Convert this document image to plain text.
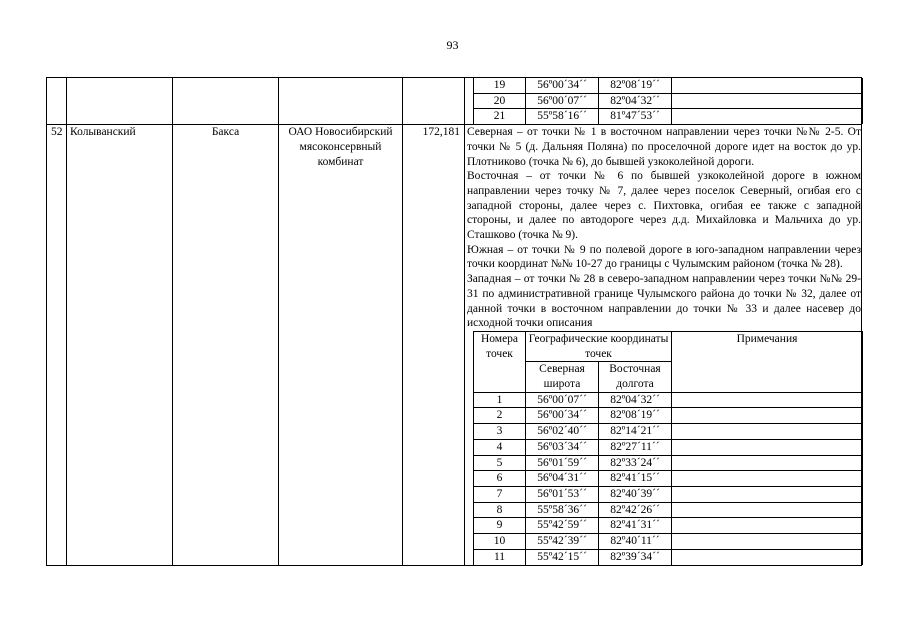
93

19	56º00´34´´	82º08´19´´	
20	56º00´07´´	82º04´32´´	
21	55º58´16´´	81º47´53´´	

52	Колыванский	Бакса	ОАО Новосибирский мясоконсервный комбинат	172,181	Северная – от точки № 1 в восточном направлении через точки №№ 2-5. От точки № 5 (д. Дальняя Поляна) по проселочной дороге идет на восток до ур. Плотниково (точка № 6), до бывшей узкоколейной дороги.

Восточная – от точки № 6 по бывшей узкоколейной дороге в южном направлении через точку № 7, далее через поселок Северный, огибая его с западной стороны, далее через с. Пихтовка, огибая ее также с западной стороны, и далее по автодороге через д.д. Михайловка и Мальчиха до ур. Сташково (точка № 9).

Южная – от точки № 9 по полевой дороге в юго-западном направлении через точки координат №№ 10-27 до границы с Чулымским районом (точка № 28).

Западная – от точки № 28 в северо-западном направлении через точки №№ 29-31 по административной границе Чулымского района до точки № 32, далее от данной точки в восточном направлении до точки № 33 и далее насевер до исходной точки описания

Номера точек	Географические координаты точек	Примечания
Северная широта	Восточная долгота
1	56º00´07´´	82º04´32´´	
2	56º00´34´´	82º08´19´´	
3	56º02´40´´	82º14´21´´	
4	56º03´34´´	82º27´11´´	
5	56º01´59´´	82º33´24´´	
6	56º04´31´´	82º41´15´´	
7	56º01´53´´	82º40´39´´	
8	55º58´36´´	82º42´26´´	
9	55º42´59´´	82º41´31´´	
10	55º42´39´´	82º40´11´´	
11	55º42´15´´	82º39´34´´	
